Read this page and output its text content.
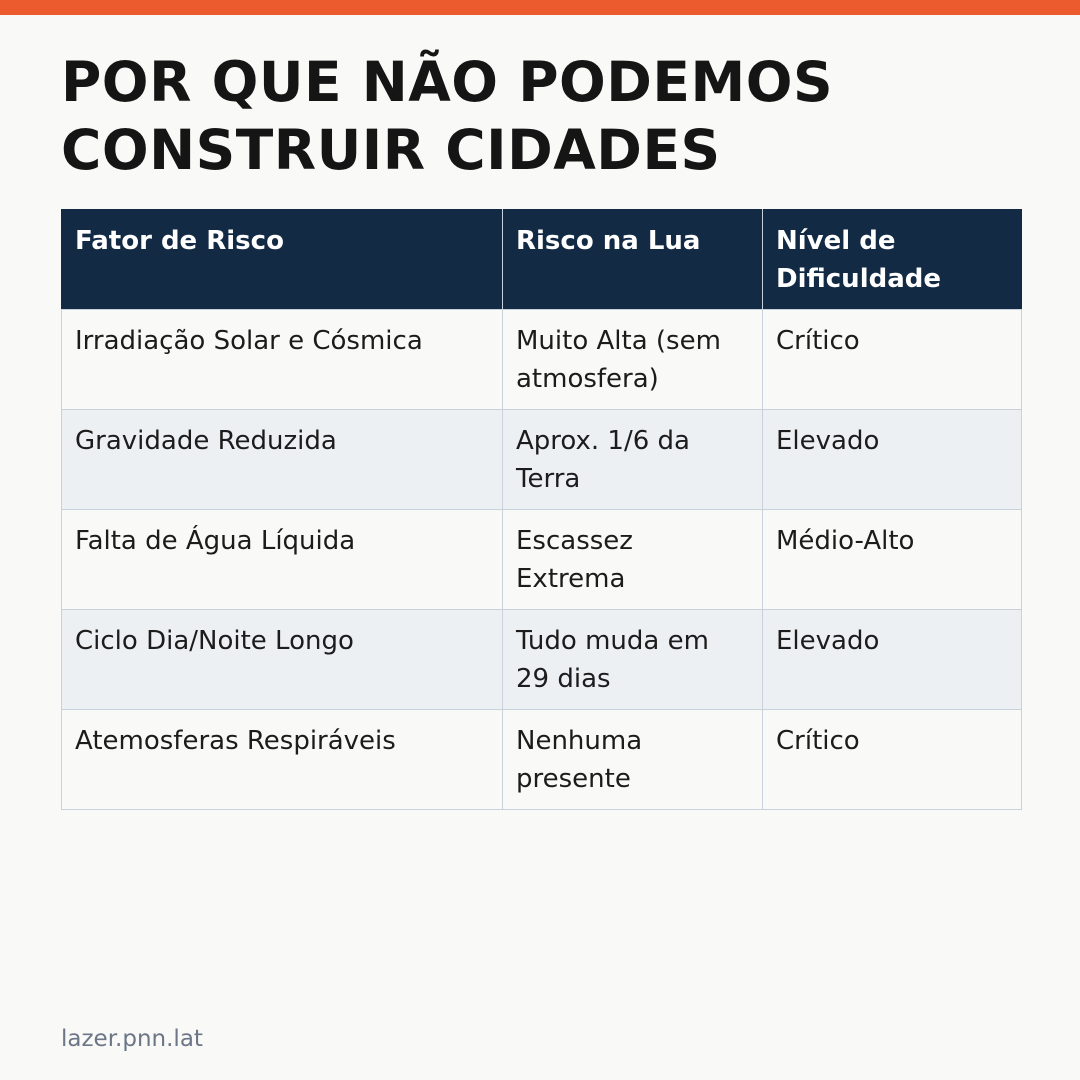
POR QUE NÃO PODEMOS CONSTRUIR CIDADES
Fator de Risco	Risco na Lua	Nível de Dificuldade
Irradiação Solar e Cósmica	Muito Alta (sem atmosfera)	Crítico
Gravidade Reduzida	Aprox. 1/6 da Terra	Elevado
Falta de Água Líquida	Escassez Extrema	Médio-Alto
Ciclo Dia/Noite Longo	Tudo muda em 29 dias	Elevado
Atemosferas Respiráveis	Nenhuma presente	Crítico
lazer.pnn.lat
